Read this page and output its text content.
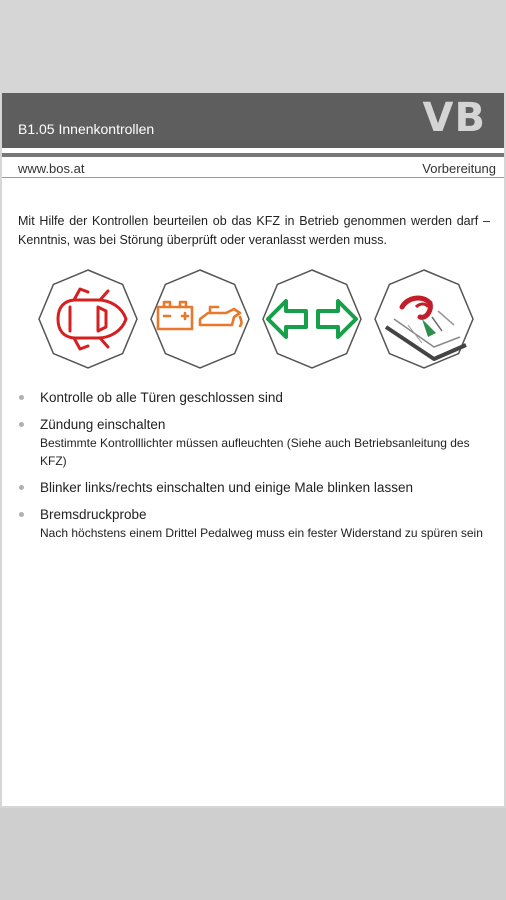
B1.05 Innenkontrollen	VB
www.bos.at	Vorbereitung
Mit Hilfe der Kontrollen beurteilen ob das KFZ in Betrieb genommen werden darf – Kenntnis, was bei Störung überprüft oder veranlasst werden muss.
Kontrolle ob alle Türen geschlossen sind
Zündung einschalten
Bestimmte Kontrolllichter müssen aufleuchten (Siehe auch Betriebsanleitung des KFZ)
Blinker links/rechts einschalten und einige Male blinken lassen
Bremsdruckprobe
Nach höchstens einem Drittel Pedalweg muss ein fester Widerstand zu spüren sein
